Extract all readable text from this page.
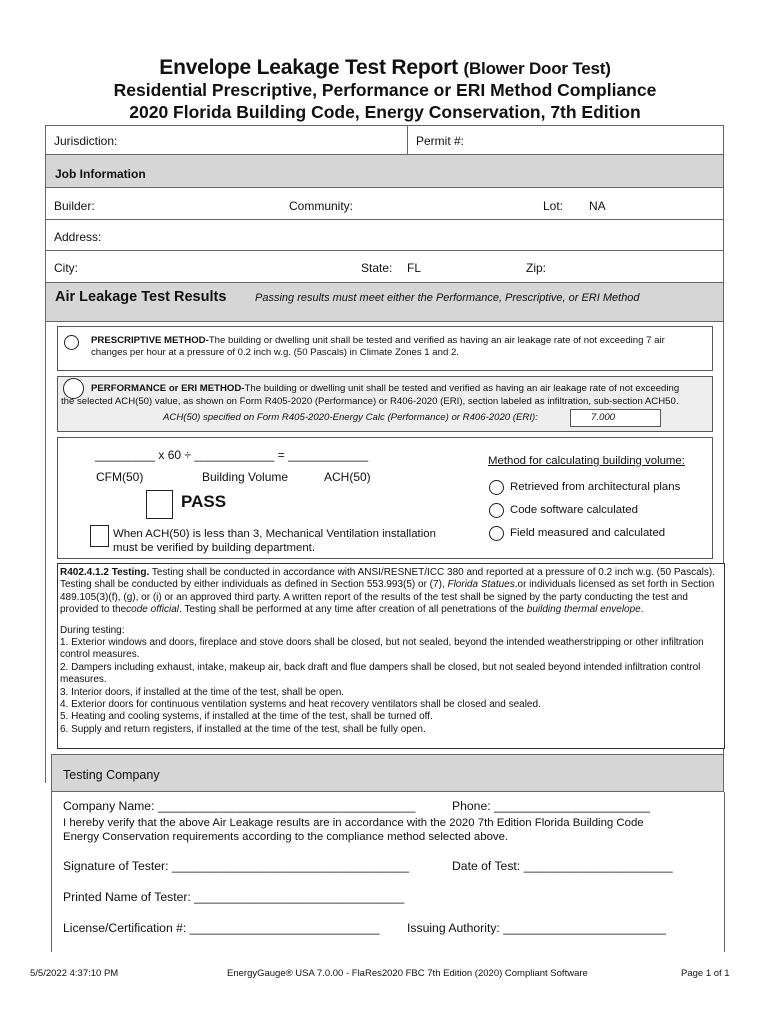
Envelope Leakage Test Report (Blower Door Test)
Residential Prescriptive, Performance or ERI Method Compliance
2020 Florida Building Code, Energy Conservation, 7th Edition
Jurisdiction:	Permit #:
Job Information
Builder:	Community:	Lot: NA
Address:
City:	State: FL	Zip:
Air Leakage Test Results	Passing results must meet either the Performance, Prescriptive, or ERI Method
PRESCRIPTIVE METHOD-The building or dwelling unit shall be tested and verified as having an air leakage rate of not exceeding 7 air
changes per hour at a pressure of 0.2 inch w.g. (50 Pascals) in Climate Zones 1 and 2.
PERFORMANCE or ERI METHOD-The building or dwelling unit shall be tested and verified as having an air leakage rate of not exceeding
the selected ACH(50) value, as shown on Form R405-2020 (Performance) or R406-2020 (ERI), section labeled as infiltration, sub-section ACH50.
ACH(50) specified on Form R405-2020-Energy Calc (Performance) or R406-2020 (ERI):	7.000
_________ x 60 ÷ ____________ = ____________
CFM(50)	Building Volume	ACH(50)
PASS
When ACH(50) is less than 3, Mechanical Ventilation installation
must be verified by building department.
Method for calculating building volume:
Retrieved from architectural plans
Code software calculated
Field measured and calculated
R402.4.1.2 Testing. Testing shall be conducted in accordance with ANSI/RESNET/ICC 380 and reported at a pressure of 0.2 inch w.g. (50 Pascals).
Testing shall be conducted by either individuals as defined in Section 553.993(5) or (7), Florida Statues.or individuals licensed as set forth in Section
489.105(3)(f), (g), or (i) or an approved third party. A written report of the results of the test shall be signed by the party conducting the test and
provided to thecode official. Testing shall be performed at any time after creation of all penetrations of the building thermal envelope.
During testing:
1. Exterior windows and doors, fireplace and stove doors shall be closed, but not sealed, beyond the intended weatherstripping or other infiltration
control measures.
2. Dampers including exhaust, intake, makeup air, back draft and flue dampers shall be closed, but not sealed beyond intended infiltration control
measures.
3. Interior doors, if installed at the time of the test, shall be open.
4. Exterior doors for continuous ventilation systems and heat recovery ventilators shall be closed and sealed.
5. Heating and cooling systems, if installed at the time of the test, shall be turned off.
6. Supply and return registers, if installed at the time of the test, shall be fully open.
Testing Company
Company Name: ______________________________________	Phone: _______________________
I hereby verify that the above Air Leakage results are in accordance with the 2020 7th Edition Florida Building Code
Energy Conservation requirements according to the compliance method selected above.
Signature of Tester: ___________________________________	Date of Test: ______________________
Printed Name of Tester: _______________________________
License/Certification #: ____________________________ Issuing Authority: ________________________
5/5/2022 4:37:10 PM	EnergyGauge® USA 7.0.00 - FlaRes2020 FBC 7th Edition (2020) Compliant Software	Page 1 of 1
